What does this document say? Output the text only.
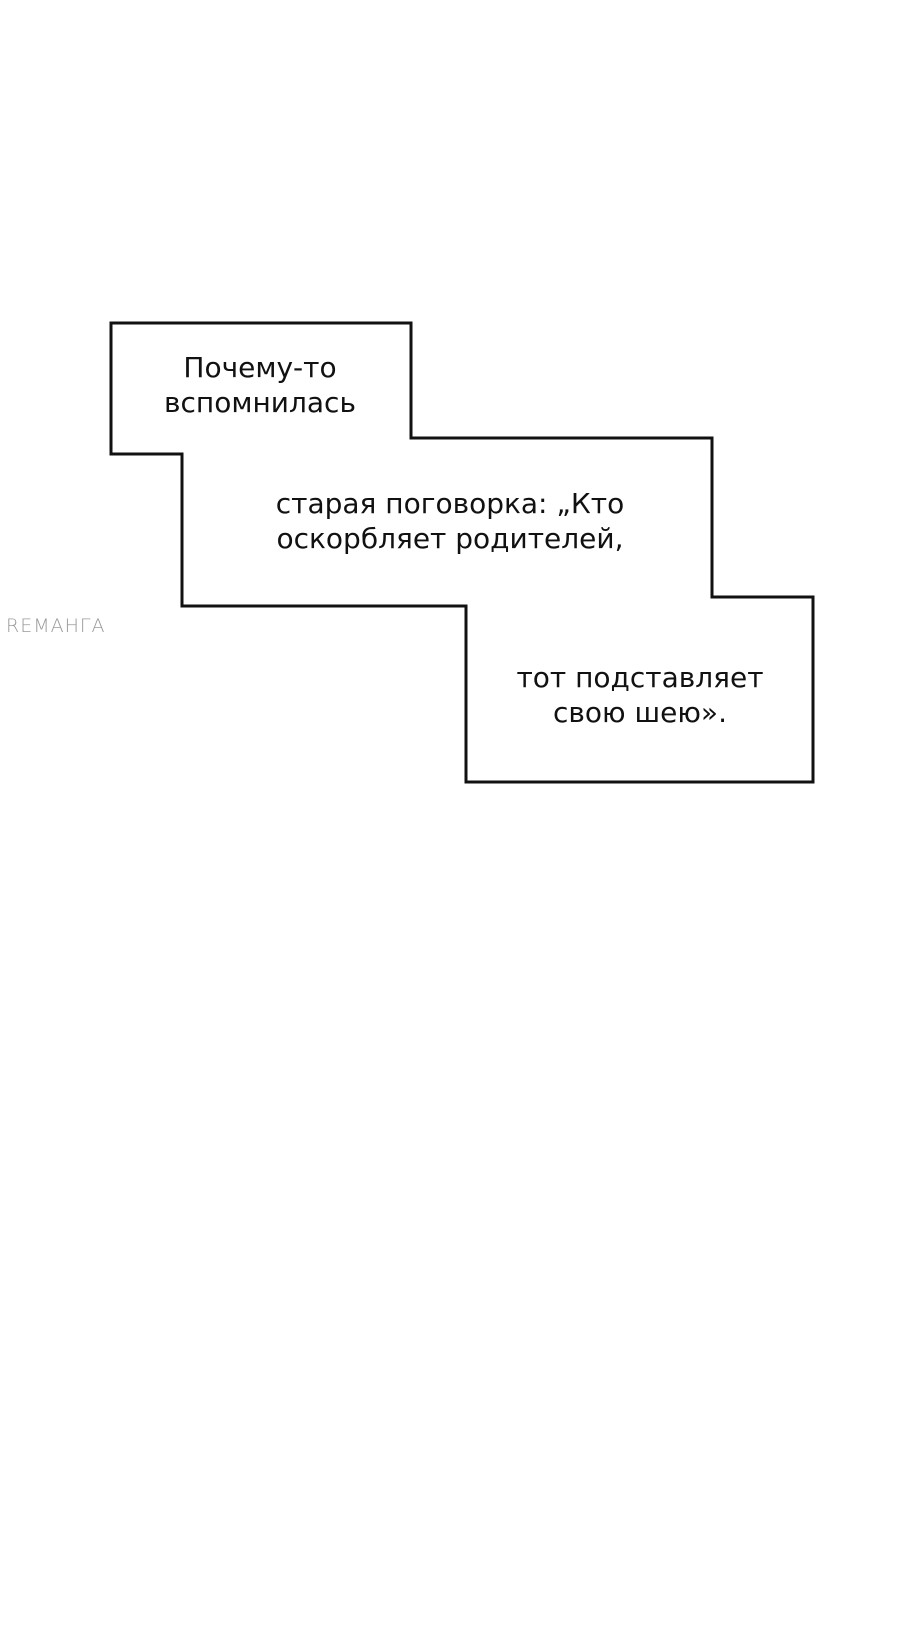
Почему-то
вспомнилась
старая поговорка: „Кто
оскорбляет родителей,
тот подставляет
свою шею».
REМАНГА
